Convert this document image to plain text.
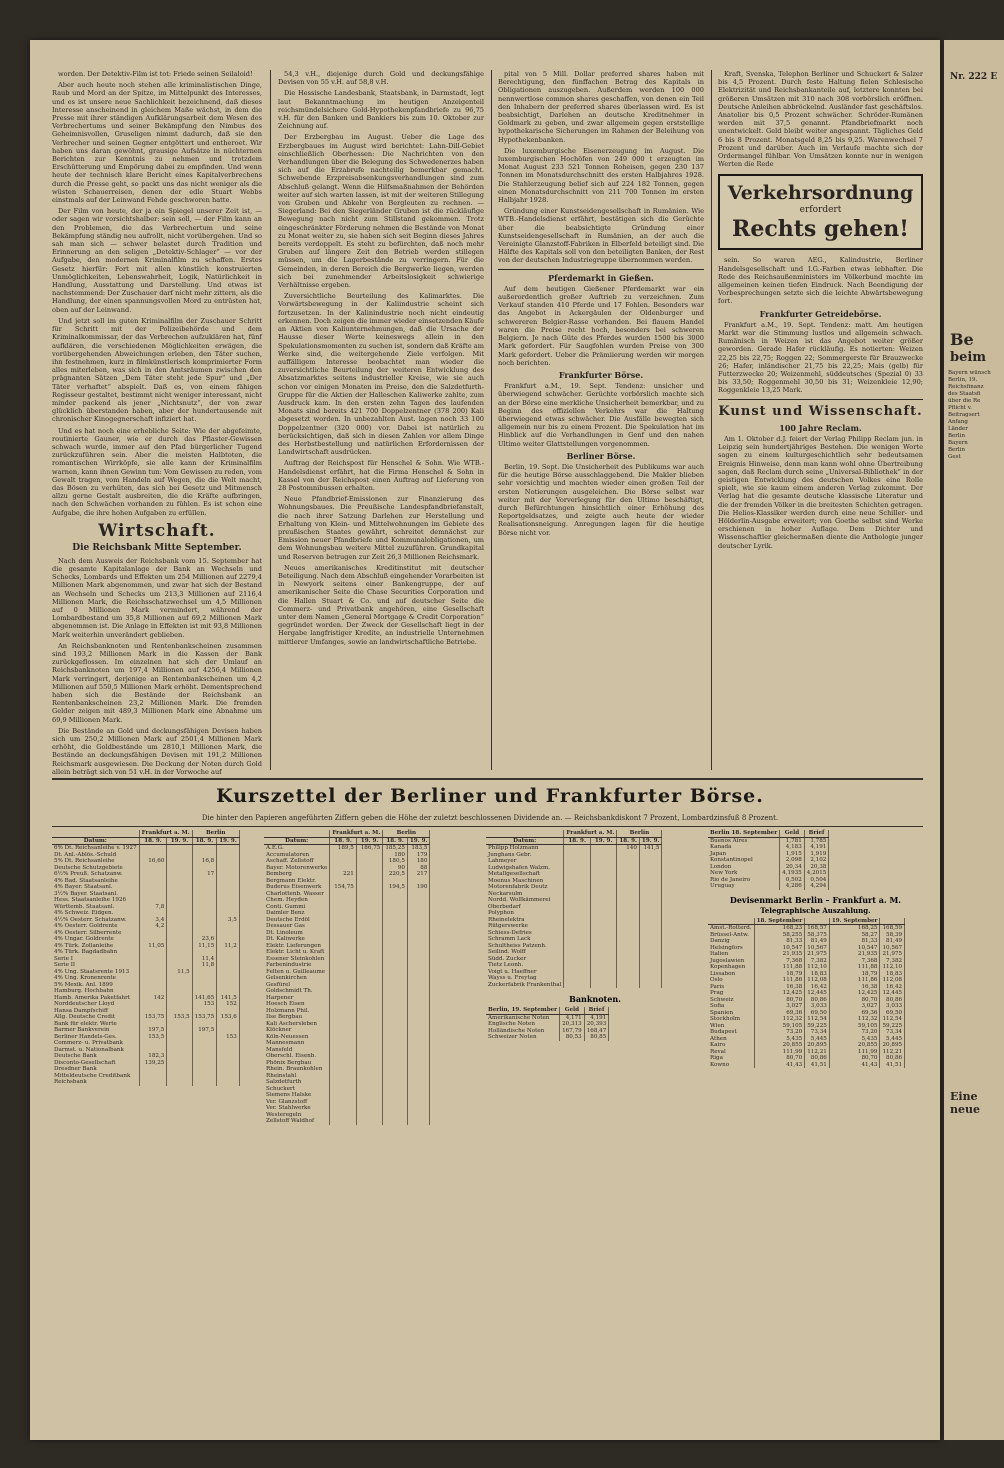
worden. Der Detektiv-Film ist tot: Friede seinen Seilaloid!

Aber auch heute noch stehen alle kriminalistischen Dinge, Raub und Mord an der Spitze, im Mittelpunkt des Interesses, und es ist unsere neue Sachlichkeit bezeichnend, daß dieses Interesse anscheinend in gleichem Maße wächst, in dem die Presse mit ihrer ständigen Aufklärungsarbeit dem Wesen des Verbrechertums und seiner Bekämpfung den Nimbus des Geheimnisvollen, Gruseligen nimmt dadurch, daß sie den Verbrecher und seinen Gegner entgöttert und entheroet. Wir haben uns daran gewöhnt, grausige Aufsätze in nüchternen Berichten zur Kenntnis zu nehmen und trotzdem Erschütterung und Empörung dabei zu empfinden. Und wenn heute der technisch klare Bericht eines Kapitalverbrechens durch die Presse geht, so packt uns das nicht weniger als die wüsten Schauerreisen, denen der edle Stuart Webbs einstmals auf der Leinwand Fehde geschworen hatte.

Der Film von heute, der ja ein Spiegel unserer Zeit ist, — oder sagen wir vorsichtshalber: sein soll, — der Film kann an den Problemen, die das Verbrechertum und seine Bekämpfung ständig neu aufrollt, nicht vorübergehen. Und so sah man sich — schwer belastet durch Tradition und Erinnerung an den seligen „Detektiv-Schlager“ — vor der Aufgabe, den modernen Kriminalfilm zu schaffen. Erstes Gesetz hierfür: Fort mit allen künstlich konstruierten Unmöglichkeiten, Lebenswahrheit, Logik, Natürlichkeit in Handlung, Ausstattung und Darstellung. Und etwas ist nachstemmend: Der Zuschauer darf nicht mehr zittern, als die Handlung, der einen spannungsvollen Mord zu entrüsten hat, oben auf der Leinwand.

Und jetzt soll im guten Kriminalfilm der Zuschauer Schritt für Schritt mit der Polizeibehörde und dem Kriminalkommissar, der das Verbrechen aufzuklären hat, fünf aufklären, die verschiedenen Möglichkeiten erwägen, die vorübergehenden Abweichungen erleben, den Täter suchen, ihn festnehmen, kurz in filmkünstlerisch komprimierter Form alles miterleben, was sich in den Amtsräumen zwischen den prägnanten Sätzen „Dem Täter steht jede Spur“ und „Der Täter verhaftet“ abspielt. Daß es, von einem fähigen Regisseur gestaltet, bestimmt nicht weniger interessant, nicht minder packend als jener „Nichtsnutz“, der von zwar glücklich überstanden haben, aber der hundertausende mit chronischer Kinogegnerschaft infiziert hat.

Und es hat noch eine erhebliche Seite: Wie der abgefeimte, routinierte Gauner, wie er durch das Pflaster-Gewissen schwach wurde, immer auf den Pfad bürgerlicher Tugend zurückzuführen sein. Aber die meisten Halbtoten, die romantischen Wirrköpfe, sie alle kann der Kriminalfilm warnen, kann ihnen Gewinn tun: Vom Gewissen zu reden, vom Gewalt tragen, vom Handeln auf Wegen, die die Welt macht, das Bösen zu verhüten, das sich bei Gesetz und Mitmensch allzu gerne Gestalt ausbreiten, die die Kräfte aufbringen, nach den Schwächen vorhanden zu fühlen. Es ist schon eine Aufgabe, die ihre hohen Aufgaben zu erfüllen.

Wirtschaft.
Die Reichsbank Mitte September.

Nach dem Ausweis der Reichsbank vom 15. September hat die gesamte Kapitalanlage der Bank an Wechseln und Schecks, Lombards und Effekten um 254 Millionen auf 2279,4 Millionen Mark abgenommen, und zwar hat sich der Bestand an Wechseln und Schecks um 213,3 Millionen auf 2116,4 Millionen Mark, die Reichsschatzwechsel um 4,5 Millionen auf 0 Millionen Mark vermindert, während der Lombardbestand um 35,8 Millionen auf 69,2 Millionen Mark abgenommen ist. Die Anlage in Effekten ist mit 93,8 Millionen Mark weiterhin unverändert geblieben.

An Reichsbanknoten und Rentenbankscheinen zusammen sind 193,2 Millionen Mark in die Kassen der Bank zurückgeflossen. Im einzelnen hat sich der Umlauf an Reichsbanknoten um 197,4 Millionen auf 4256,4 Millionen Mark verringert, derjenige an Rentenbankscheinen um 4,2 Millionen auf 550,5 Millionen Mark erhöht. Dementsprechend haben sich die Bestände der Reichsbank an Rentenbankscheinen 23,2 Millionen Mark. Die fremden Gelder zeigen mit 489,3 Millionen Mark eine Abnahme um 69,9 Millionen Mark.

Die Bestände an Gold und deckungsfähigen Devisen haben sich um 250,2 Millionen Mark auf 2501,4 Millionen Mark erhöht, die Goldbestände um 2810,1 Millionen Mark, die Bestände an deckungsfähigen Devisen mit 191,2 Millionen Reichsmark ausgewiesen. Die Deckung der Noten durch Gold allein beträgt sich von 51 v.H. in der Vorwoche auf

54,3 v.H., diejenige durch Gold und deckungsfähige Devisen von 55 v.H. auf 58,8 v.H.

Die Hessische Landesbank, Staatsbank, in Darmstadt, legt laut Bekanntmachung im heutigen Anzeigenteil reichsmündelsichere Gold-Hypothekenpfandbriefe zu 96,75 v.H. für den Banken und Bankiers bis zum 10. Oktober zur Zeichnung auf.

Der Erzbergbau im August. Ueber die Lage des Erzbergbaues im August wird berichtet: Lahn-Dill-Gebiet einschließlich Oberhessen: Die Nachrichten von den Verhandlungen über die Belegung des Schwedenerzes haben sich auf die Erzabrufe nachteilig bemerkbar gemacht. Schwebende Erzpreisabsenkungsverhandlungen sind zum Abschluß gelangt. Wenn die Hilfsmaßnahmen der Behörden weiter auf sich warten lassen, ist mit der weiteren Stillegung von Gruben und Abkehr von Bergleuten zu rechnen. — Siegerland: Bei den Siegerländer Gruben ist die rückläufige Bewegung nach nicht zum Stillstand gekommen. Trotz eingeschränkter Förderung nehmen die Bestände von Monat zu Monat weiter zu, sie haben sich seit Beginn dieses Jahres bereits verdoppelt. Es steht zu befürchten, daß noch mehr Gruben auf längere Zeit den Betrieb werden stillegen müssen, um die Lagerbestände zu verringern. Für die Gemeinden, in deren Bereich die Bergwerke liegen, werden sich bei zunehmender Arbeitslosigkeit schwierige Verhältnisse ergeben.

Zuversichtliche Beurteilung des Kalimarktes. Die Vorwärtsbewegung in der Kaliindustrie scheint sich fortzusetzen. In der Kalinindustrie noch nicht eindeutig erkennen. Doch zeigen die immer wieder einsetzenden Käufe an Aktien von Kaliunternehmungen, daß die Ursache der Hausse dieser Werte keineswegs allein in den Spekulationsmomenten zu suchen ist, sondern daß Kräfte am Werke sind, die weitergehende Ziele verfolgen. Mit auffälligem Interesse beobachtet man wieder die zuversichtliche Beurteilung der weiteren Entwicklung des Absatzmarktes seitens industrieller Kreise, wie sie auch schon vor einigen Monaten im Preise, den die Salzdetfurth-Gruppe für die Aktien der Halleschen Kaliwerke zahlte, zum Ausdruck kam. In den ersten zehn Tagen des laufenden Monats sind bereits 421 700 Doppelzentner (378 200) Kali abgesetzt worden. In unbezahlten Aust. lagen noch 33 100 Doppelzentner (320 000) vor. Dabei ist natürlich zu berücksichtigen, daß sich in diesen Zahlen vor allem Dinge des Herbstbestellung und natürlichen Erfordernissen der Landwirtschaft ausdrücken.

Auftrag der Reichspost für Henschel & Sohn. Wie WTB.-Handelsdienst erfährt, hat die Firma Henschel & Sohn in Kassel von der Reichspost einen Auftrag auf Lieferung von 28 Postomnibussen erhalten.

Neue Pfandbrief-Emissionen zur Finanzierung des Wohnungsbaues. Die Preußische Landespfandbriefanstalt, die nach ihrer Satzung Darlehen zur Herstellung und Erhaltung von Klein- und Mittelwohnungen im Gebiete des preußischen Staates gewährt, schreitet demnächst zur Emission neuer Pfandbriefe und Kommunalobligationen, um dem Wohnungsbau weitere Mittel zuzuführen. Grundkapital und Reserven betrugen zur Zeit 26,3 Millionen Reichsmark.

Neues amerikanisches Kreditinstitut mit deutscher Beteiligung. Nach dem Abschluß eingehender Vorarbeiten ist in Newyork seitens einer Bankengruppe, der auf amerikanischer Seite die Chase Securities Corporation und die Hallen Stuart & Co. und auf deutscher Seite die Commerz- und Privatbank angehören, eine Gesellschaft unter dem Namen „General Mortgage & Credit Corporation“ gegründet worden. Der Zweck der Gesellschaft liegt in der Hergabe langfristiger Kredite, an industrielle Unternehmen mittlerer Umfanges, sowie an landwirtschaftliche Betriebe.

pital von 5 Mill. Dollar preferred shares haben mit Berechtigung, den fünffachen Betrag des Kapitals in Obligationen auszugeben. Außerdem werden 100 000 nennwertlose common shares geschaffen, von denen ein Teil den Inhabern der preferred shares überlassen wird. Es ist beabsichtigt, Darlehen an deutsche Kreditnehmer in Goldmark zu geben, und zwar allgemein gegen erststellige hypothekarische Sicherungen im Rahmen der Beleihung von Hypothekenbanken.

Die luxemburgische Eisenerzeugung im August. Die luxemburgischen Hochöfen von 249 000 t erzeugten im Monat August 233 521 Tonnen Roheisen, gegen 230 137 Tonnen im Monatsdurchschnitt des ersten Halbjahres 1928. Die Stahlerzeugung belief sich auf 224 182 Tonnen, gegen einen Monatsdurchschnitt von 211 700 Tonnen im ersten Halbjahr 1928.

Gründung einer Kunstseidengesellschaft in Rumänien. Wie WTB.-Handelsdienst erfährt, bestätigen sich die Gerüchte über die beabsichtigte Gründung einer Kunstseidengesellschaft in Rumänien, an der auch die Vereinigte Glanzstoff-Fabriken in Elberfeld beteiligt sind. Die Hälfte des Kapitals soll von den beteiligten Banken, der Rest von der deutschen Industriegruppe übernommen werden.

Pferdemarkt in Gießen.

Auf dem heutigen Gießener Pferdemarkt war ein außerordentlich großer Auftrieb zu verzeichnen. Zum Verkauf standen 410 Pferde und 17 Fohlen. Besonders war das Angebot in Ackergäulen der Oldenburger und schwereren Belgier-Rasse vorhanden. Bei flauem Handel waren die Preise recht hoch, besonders bei schweren Belgiern. Je nach Güte des Pferdes wurden 1500 bis 3000 Mark gefordert. Für Saugfohlen wurden Preise von 300 Mark gefordert. Ueber die Prämiierung werden wir morgen noch berichten.

Frankfurter Börse.

Frankfurt a.M., 19. Sept. Tendenz: unsicher und überwiegend schwächer. Gerüchte vorbörslich machte sich an der Börse eine merkliche Unsicherheit bemerkbar, und zu Beginn des offiziellen Verkehrs war die Haltung überwiegend etwas schwächer. Die Ausfälle bewegten sich allgemein nur bis zu einem Prozent. Die Spekulation hat im Hinblick auf die Verhandlungen in Genf und den nahen Ultimo weiter Glattstellungen vorgenommen.

Berliner Börse.

Berlin, 19. Sept. Die Unsicherheit des Publikums war auch für die heutige Börse ausschlaggebend. Die Makler blieben sehr vorsichtig und machten wieder einen großen Teil der ersten Notierungen ausgeleichen. Die Börse selbst war weiter mit der Vorverlegung für den Ultimo beschäftigt, durch Befürchtungen hinsichtlich einer Erhöhung des Reportgeldsatzes, und zeigte auch heute der wieder Realisationsneigung. Anregungen lagen für die heutige Börse nicht vor.

Kraft, Svenska, Telephon Berliner und Schuckert & Salzer bis 4,5 Prozent. Durch feste Haltung fielen Schlesische Elektrizität und Reichsbankanteile auf, letztere konnten bei größeren Umsätzen mit 310 nach 308 vorbörslich eröffnen. Deutsche Anleihen abbröckelnd. Ausländer fast geschäftslos. Anatolier bis 0,5 Prozent schwächer. Schröder-Rumänen werden mit 37,5 genannt. Pfandbriefmarkt noch unentwickelt. Geld bleibt weiter angespannt. Tägliches Geld 6 bis 8 Prozent. Monatsgeld 8,25 bis 9,25. Warenwechsel 7 Prozent und darüber. Auch im Verlaufe machte sich der Ordermangel fühlbar. Von Umsätzen konnte nur in wenigen Werten die Rede

Verkehrsordnung
erfordert
Rechts gehen!

sein. So waren AEG., Kalindustrie, Berliner Handelsgesellschaft und I.G.-Farben etwas lebhafter. Die Rede des Reichsaußenministers im Völkerbund machte im allgemeinen keinen tiefen Eindruck. Nach Beendigung der Vorbesprechungen setzte sich die leichte Abwärtsbewegung fort.

Frankfurter Getreidebörse.

Frankfurt a.M., 19. Sept. Tendenz: matt. Am heutigen Markt war die Stimmung lustlos und allgemein schwach. Rumänisch in Weizen ist das Angebot weiter größer geworden. Gerade Hafer rückläufig. Es notierten: Weizen 22,25 bis 22,75; Roggen 22; Sommergerste für Brauzwecke 26; Hafer, inländischer 21,75 bis 22,25; Mais (gelb) für Futterzwecke 20; Weizenmehl, süddeutsches (Spezial 0) 33 bis 33,50; Roggenmehl 30,50 bis 31; Weizenkleie 12,90; Roggenkleie 13,25 Mark.

Kunst und Wissenschaft.
100 Jahre Reclam.

Am 1. Oktober d.J. feiert der Verlag Philipp Reclam jun. in Leipzig sein hundertjähriges Bestehen. Die wenigen Worte sagen zu einem kulturgeschichtlich sehr bedeutsamen Ereignis Hinweise, denn man kann wohl ohne Übertreibung sagen, daß Reclam durch seine „Universal-Bibliothek“ in der geistigen Entwicklung des deutschen Volkes eine Rolle spielt, wie sie kaum einem anderen Verlag zukommt. Der Verlag hat die gesamte deutsche klassische Literatur und die der fremden Völker in die breitesten Schichten getragen. Die Helios-Klassiker werden durch eine neue Schiller- und Hölderlin-Ausgabe erweitert; von Goethe selbst sind Werke erschienen in hoher Auflage. Dem Dichter und Wissenschaftler gleichermaßen diente die Anthologie junger deutscher Lyrik.

Kurszettel der Berliner und Frankfurter Börse.
Die hinter den Papieren angeführten Ziffern geben die Höhe der zuletzt beschlossenen Dividende an. — Reichsbankdiskont 7 Prozent, Lombardzinsfuß 8 Prozent.
	Frankfurt a. M.		Berlin	
Datum:	18. 9.	19. 9.	18. 9.	19. 9.
6% Dt. Reichsanleihe v. 1927				
Dt. Anl.-Ablös.-Schuld				
5% Dt. Reichsanleihe	16,60		16,8	
Deutsche Schutzgebiete				
6½% Preuß. Schatzanw.			17	
4% Bad. Staatsanleihe				
4% Bayer. Staatsanl.				
3½% Bayer. Staatsanl.				
Hess. Staatsanleihe 1926				
Württemb. Staatsanl.	7,8			
4% Schweiz. Eidgen.				
4½% Oesterr. Schatzanw.	3,4			3,5
4% Oesterr. Goldrente	4,2			
4% Oesterr. Silberrente				
4% Ungar. Goldrente			23,6	
4% Türk. Zollanleihe	11,05		11,15	11,2
4% Türk. Bagdadbahn				
Serie I			11,4	
Serie II			11,8	
4% Ung. Staatsrente 1913		11,5		
4% Ung. Kronenrente				
5% Mexik. Anl. 1899				
Hamburg. Hochbahn				
Hamb. Amerika Paketfahrt	142		141,65	141,5
Norddeutscher Lloyd			153	152
Hansa Dampfschiff				
Allg. Deutsche Credit	153,75	153,5	153,75	153,6
Bank für elektr. Werte				
Barmer Bankverein	197,5		197,5	
Berliner Handels-Ges.	153,5			153
Commerz- u. Privatbank				
Darmst. u. Nationalbank				
Deutsche Bank	182,3			
Disconto-Gesellschaft	139,25			
Dresdner Bank				
Mitteldeutsche Creditbank				
Reichsbank				
	Frankfurt a. M.		Berlin	
Datum:	18. 9.	19. 9.	18. 9.	19. 9.
A.E.G.	189,5	186,75	185,25	183,5
Accumulatoren			180	179
Aschaff. Zellstoff			180,5	180
Bayer. Motorenwerke			90	88
Bemberg	221		220,5	217
Bergmann Elektr.				
Buderus Eisenwerk	154,75		194,5	190
Charlottenb. Wasser				
Chem. Heyden				
Conti. Gummi				
Daimler Benz				
Deutsche Erdöl				
Dessauer Gas				
Dt. Linoleum				
Dt. Kaliwerke				
Elektr. Lieferungen				
Elektr. Licht u. Kraft				
Essener Steinkohlen				
Farbenindustrie				
Felten u. Guilleaume				
Gelsenkirchen				
Gesfürel				
Goldschmidt Th.				
Harpener				
Hoesch Eisen				
Holzmann Phil.				
Ilse Bergbau				
Kali Aschersleben				
Klöckner				
Köln-Neuessen				
Mannesmann				
Mansfeld				
Oberschl. Eisenb.				
Phönix Bergbau				
Rhein. Braunkohlen				
Rheinstahl				
Salzdetfurth				
Schuckert				
Siemens Halske				
Ver. Glanzstoff				
Ver. Stahlwerke				
Westeregeln				
Zellstoff Waldhof				
	Frankfurt a. M.		Berlin	
Datum:	18. 9.	19. 9.	18. 9.	19. 9.
Philipp Holzmann			140	141,5
Junghans Gebr.				
Lahmeyer				
Ludwigshafen Walzm.				
Metallgesellschaft				
Moenus Maschinen				
Motorenfabrik Deutz				
Neckarsulm				
Nordd. Wollkämmerei				
Oberbedarf				
Polyphon				
Rheinelektra				
Rütgerswerke				
Schiess-Defries				
Schramm Lack				
Schultheiss Patzenh.				
Seilind. Wolff				
Südd. Zucker				
Tietz Leonh.				
Voigt u. Haeffner				
Wayss u. Freytag				
Zuckerfabrik Frankenthal				
Banknoten.
Berlin, 19. September	Geld	Brief
Amerikanische Noten	4,171	4,191
Englische Noten	20,313	20,393
Holländische Noten	167,79	168,47
Schweizer Noten	80,53	80,85
Berlin 18. September	Geld	Brief
Buenos Aires	1,781	1,785
Kanada	4,183	4,191
Japan	1,915	1,919
Konstantinopel	2,098	2,102
London	20,34	20,38
New York	4,1935	4,2015
Rio de Janeiro	0,502	0,504
Uruguay	4,286	4,294
Devisenmarkt Berlin – Frankfurt a. M.
Telegraphische Auszahlung.
	18. September		19. September	
Amst.-Rotterd.	168,23	168,57	168,25	168,59
Brüssel-Antw.	58,255	58,375	58,27	58,39
Danzig	81,33	81,49	81,33	81,49
Helsingfors	10,547	10,567	10,547	10,567
Italien	21,935	21,975	21,935	21,975
Jugoslawien	7,368	7,382	7,368	7,382
Kopenhagen	111,88	112,10	111,88	112,10
Lissabon	18,79	18,83	18,79	18,83
Oslo	111,86	112,08	111,86	112,08
Paris	16,38	16,42	16,38	16,42
Prag	12,425	12,445	12,425	12,445
Schweiz	80,70	80,86	80,70	80,86
Sofia	3,027	3,033	3,027	3,033
Spanien	69,36	69,50	69,36	69,50
Stockholm	112,32	112,54	112,32	112,54
Wien	59,105	59,225	59,105	59,225
Budapest	73,20	73,34	73,20	73,34
Athen	5,435	5,445	5,435	5,445
Kairo	20,855	20,895	20,855	20,895
Reval	111,99	112,21	111,99	112,21
Riga	80,70	80,86	80,70	80,86
Kowno	41,43	41,51	41,43	41,51
Nr. 222 E
Be
beim
Bayern wünsch
Berlin, 19.
Reichsfinanz
des Staatsfi
über die Re
Pflicht v.
Beitragsert
Anfang
Länder
Berlin
Bayern
Berlin
Gest
Eine neue
